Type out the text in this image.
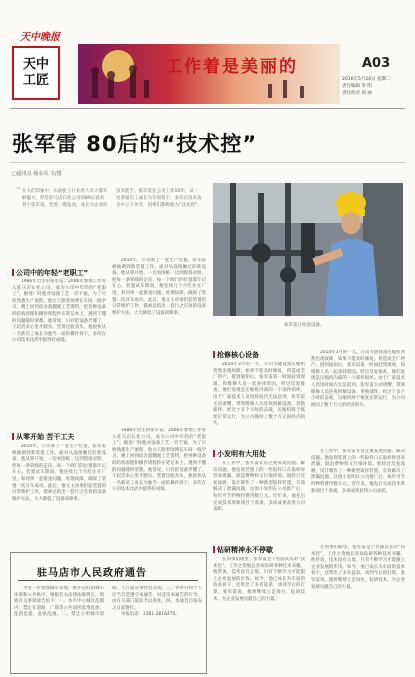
天中晚报
天中
工匠
工作着是美丽的	A03
2016年5月24日 星期二
责任编辑 李 明
责任校对 胡 丽
张军雷 80后的“技术控”
□通讯员 杨永乐 文/图
“ 在人们印象中，石油化工行业的人员大都年龄偏大，但是驻马店石化公司的80后技术骨干张军雷，凭着一股钻劲，成长为企业的技术能手。张军雷在公司工作10年，从一名普通员工成长为车间骨干，多次在技术攻关中立下功劳，同事们都称他为“技术控”。
张军雷在检查设备。
公司中的年轻“老职工”

1986年出生的张军雷，2006年参加工作进入驻马店石化公司，成为公司中年轻的“老职工”。刚进厂时他对设备工艺一窍不通，为了尽快熟悉生产流程，他白天跟着师傅在车间一线学习，晚上回到宿舍就翻阅工艺资料，把各种设备的结构原理和操作规程抄在笔记本上，遇到不懂的问题随时请教。他常说，只有把设备弄懂了，干起活来心里才踏实。凭着这股劲头，他很快从一名新员工成长为独当一面的操作骨干，多次在公司技术比武中取得好成绩。

2010年，公司新上一套生产装置，张军雷被抽调到新装置工作。面对从没接触过的新设备，他从零开始，一边看图纸一边到现场对照，把每一条管线的走向、每一个阀门的位置都牢记在心。装置试车期间，他连续几个月吃住在厂里，和同事一起排查问题、处理故障，确保了装置一次开车成功。此后，他又主动承担起装置的日常维护工作，摸索总结出一套行之有效的设备维护方法，大大降低了设备故障率。

从零开始 苦干工夫

2010年，公司新上一套生产装置，张军雷被抽调到新装置工作。面对从没接触过的新设备，他从零开始，一边看图纸一边到现场对照，把每一条管线的走向、每一个阀门的位置都牢记在心。装置试车期间，他连续几个月吃住在厂里，和同事一起排查问题、处理故障，确保了装置一次开车成功。此后，他又主动承担起装置的日常维护工作，摸索总结出一套行之有效的设备维护方法，大大降低了设备故障率。

1986年出生的张军雷，2006年参加工作进入驻马店石化公司，成为公司中年轻的“老职工”。刚进厂时他对设备工艺一窍不通，为了尽快熟悉生产流程，他白天跟着师傅在车间一线学习，晚上回到宿舍就翻阅工艺资料，把各种设备的结构原理和操作规程抄在笔记本上，遇到不懂的问题随时请教。他常说，只有把设备弄懂了，干起活来心里才踏实。凭着这股劲头，他很快从一名新员工成长为独当一面的操作骨干，多次在公司技术比武中取得好成绩。

抢修核心设备

2014年3月的一天，公司关键设备压缩机突然出现故障，如果不能及时修复，将造成全厂停产。接到通知后，张军雷第一时间赶到现场，和维修人员一起查找原因。经过反复排查，他们发现是压缩机内部的一个部件损坏。由于厂家技术人员短时间内无法赶到，张军雷主动请缨，带领维修人员连夜拆解设备、更换部件。经过十多个小时的奋战，压缩机终于恢复正常运行，为公司挽回了数十万元的经济损失。

2014年3月的一天，公司关键设备压缩机突然出现故障，如果不能及时修复，将造成全厂停产。接到通知后，张军雷第一时间赶到现场，和维修人员一起查找原因。经过反复排查，他们发现是压缩机内部的一个部件损坏。由于厂家技术人员短时间内无法赶到，张军雷主动请缨，带领维修人员连夜拆解设备、更换部件。经过十多个小时的奋战，压缩机终于恢复正常运行，为公司挽回了数十万元的经济损失。

小发明有大用处

在工作中，张军雷非常注重发现问题、解决问题。他发现装置上的一些取样口在取样时容易泄漏，既浪费物料又污染环境。他经过反复琢磨，设计制作了一种新型取样装置，有效解决了泄漏问题。这项小发明在公司推广后，每年可节约物料费用数万元。近年来，他先后完成技术革新项目十余项，多项成果获得公司表彰。

在工作中，张军雷非常注重发现问题、解决问题。他发现装置上的一些取样口在取样时容易泄漏，既浪费物料又污染环境。他经过反复琢磨，设计制作了一种新型取样装置，有效解决了泄漏问题。这项小发明在公司推广后，每年可节约物料费用数万元。近年来，他先后完成技术革新项目十余项，多项成果获得公司表彰。

钻研精神永不停歇

在同事们眼里，张军雷是个名副其实的“技术控”，工作之余他总喜欢钻研各种技术书籍。他常说，技术没有止境，只有不断学习才能跟上企业发展的步伐。如今，他已成长为车间的技术骨干，还带出了多名徒弟。谈到今后的打算，张军雷说，他将继续立足岗位，钻研技术，为企业发展贡献自己的力量。

在同事们眼里，张军雷是个名副其实的“技术控”，工作之余他总喜欢钻研各种技术书籍。他常说，技术没有止境，只有不断学习才能跟上企业发展的步伐。如今，他已成长为车间的技术骨干，还带出了多名徒弟。谈到今后的打算，张军雷说，他将继续立足岗位，钻研技术，为企业发展贡献自己的力量。

驻马店市人民政府通告

为进一步加强城市管理，维护良好的城市环境和公共秩序，根据有关法律法规规定，现就有关事项通告如下：一、本市中心城区范围内，禁止在道路、广场等公共场所乱堆乱放、乱搭乱建、乱贴乱画。二、禁止占用城市道路、人行道从事经营活动。三、各单位和个人应当自觉遵守本通告，对违反本通告的行为，由有关部门依法予以查处。四、本通告自发布之日起施行。

举报电话：2381-2816470。
